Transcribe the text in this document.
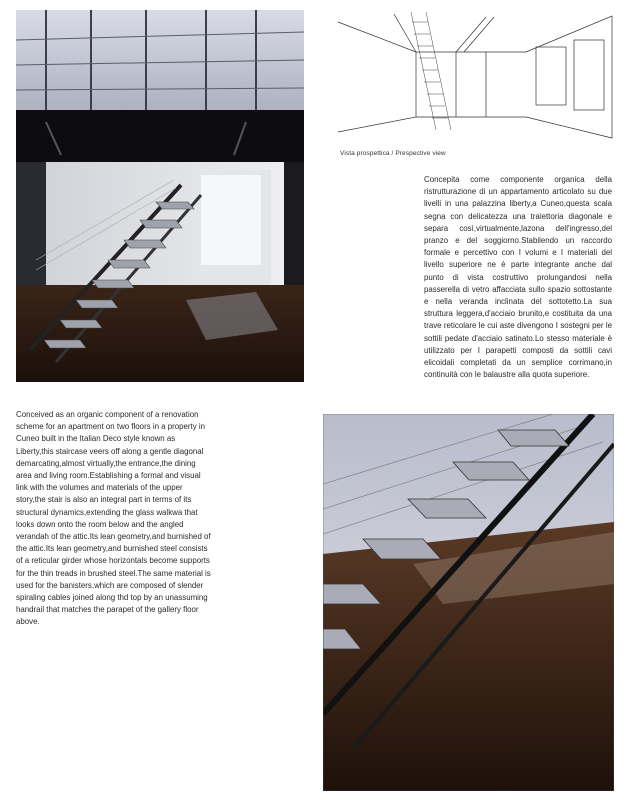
Vista prospettica / Prespective view

Concepita come componente organica della ristrutturazione di un appartamento articolato su due livelli in una palazzina liberty,a Cuneo,questa scala segna con delicatezza una traiettoria diagonale e separa così,virtualmente,lazona dell'ingresso,del pranzo e del soggiorno.Stabilendo un raccordo formale e percettivo con I volumi e I materiali del livello superiore ne è parte integrante anche dal punto di vista costruttivo prolungandosi nella passerella di vetro affacciata sullo spazio sottostante e nella veranda inclinata del sottotetto.La sua struttura leggera,d'acciaio brunito,e costituita da una trave reticolare le cui aste divengono I sostegni per le sottili pedate d'acciaio satinato.Lo stesso materiale è utilizzato per I parapetti composti da sottili cavi elicoidali completati da un semplice corrimano,in continuità con le balaustre alla quota superiore.

Conceived as an organic component of a renovation scheme for an apartment on two floors in a property in Cuneo built in the Italian Deco style known as Liberty,this staircase veers off along a gentle diagonal demarcating,almost virtually,the entrance,the dining area and living room.Establishing a formal and visual link with the volumes and materials of the upper story,the stair is also an integral part in terms of its structural dynamics,extending the glass walkwa that looks down onto the room below and the angled verandah of the attic.Its lean geometry,and burnished of the attic.Its lean geometry,and burnished steel consists of a reticular girder whose horizontals become supports for the thin treads in brushed steel.The same material is used for the banisters,which are composed of slender spiraling cables joined along thd top by an unassuming handrail that matches the parapet of the gallery floor above.
